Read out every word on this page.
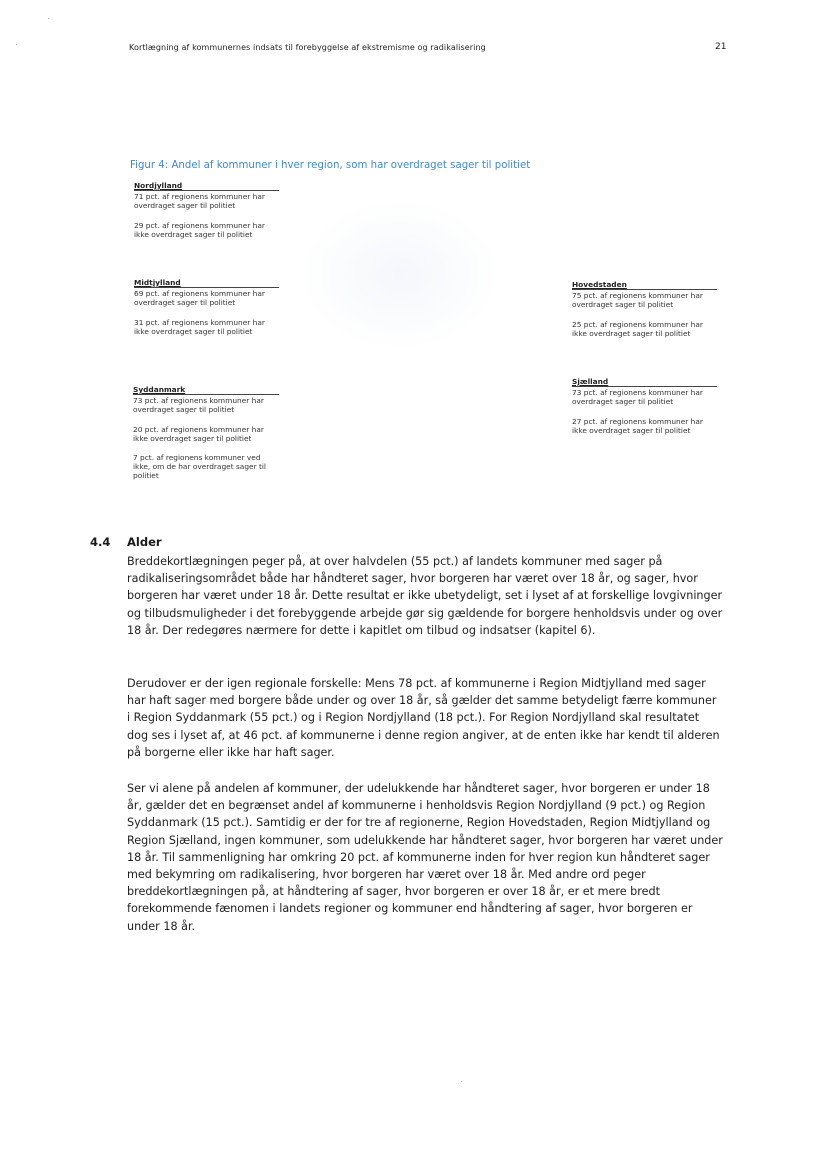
Kortlægning af kommunernes indsats til forebyggelse af ekstremisme og radikalisering	21
Figur 4: Andel af kommuner i hver region, som har overdraget sager til politiet
Nordjylland
71 pct. af regionens kommuner har overdraget sager til politiet
29 pct. af regionens kommuner har ikke overdraget sager til politiet
Midtjylland
69 pct. af regionens kommuner har overdraget sager til politiet
31 pct. af regionens kommuner har ikke overdraget sager til politiet
Syddanmark
73 pct. af regionens kommuner har overdraget sager til politiet
20 pct. af regionens kommuner har ikke overdraget sager til politiet
7 pct. af regionens kommuner ved ikke, om de har overdraget sager til politiet
Hovedstaden
75 pct. af regionens kommuner har overdraget sager til politiet
25 pct. af regionens kommuner har ikke overdraget sager til politiet
Sjælland
73 pct. af regionens kommuner har overdraget sager til politiet
27 pct. af regionens kommuner har ikke overdraget sager til politiet
4.4 Alder

Breddekortlægningen peger på, at over halvdelen (55 pct.) af landets kommuner med sager på radikaliseringsområdet både har håndteret sager, hvor borgeren har været over 18 år, og sager, hvor borgeren har været under 18 år. Dette resultat er ikke ubetydeligt, set i lyset af at forskellige lovgivninger og tilbudsmuligheder i det forebyggende arbejde gør sig gældende for borgere henholdsvis under og over 18 år. Der redegøres nærmere for dette i kapitlet om tilbud og indsatser (kapitel 6).

Derudover er der igen regionale forskelle: Mens 78 pct. af kommunerne i Region Midtjylland med sager har haft sager med borgere både under og over 18 år, så gælder det samme betydeligt færre kommuner i Region Syddanmark (55 pct.) og i Region Nordjylland (18 pct.). For Region Nordjylland skal resultatet dog ses i lyset af, at 46 pct. af kommunerne i denne region angiver, at de enten ikke har kendt til alderen på borgerne eller ikke har haft sager.

Ser vi alene på andelen af kommuner, der udelukkende har håndteret sager, hvor borgeren er under 18 år, gælder det en begrænset andel af kommunerne i henholdsvis Region Nordjylland (9 pct.) og Region Syddanmark (15 pct.). Samtidig er der for tre af regionerne, Region Hovedstaden, Region Midtjylland og Region Sjælland, ingen kommuner, som udelukkende har håndteret sager, hvor borgeren har været under 18 år. Til sammenligning har omkring 20 pct. af kommunerne inden for hver region kun håndteret sager med bekymring om radikalisering, hvor borgeren har været over 18 år. Med andre ord peger breddekortlægningen på, at håndtering af sager, hvor borgeren er over 18 år, er et mere bredt forekommende fænomen i landets regioner og kommuner end håndtering af sager, hvor borgeren er under 18 år.
